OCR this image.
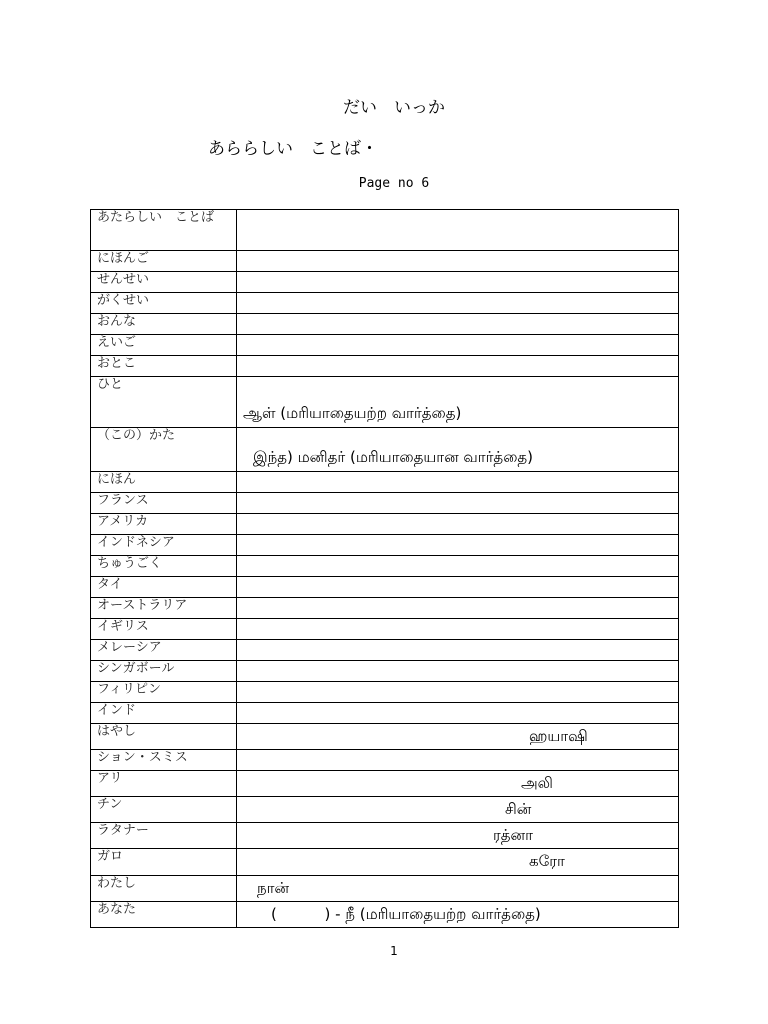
だい　いっか
あららしい　ことば・
Page no 6
あたらしい　ことば	
にほんご	
せんせい	
がくせい	
おんな	
えいご	
おとこ	
ひと	ஆள் (மரியாதையற்ற வார்த்தை)
（この）かた	இந்த) மனிதர் (மரியாதையான வார்த்தை)
にほん	
フランス	
アメリカ	
インドネシア	
ちゅうごく	
タイ	
オーストラリア	
イギリス	
メレーシア	
シンガボール	
フィリピン	
インド	
はやし	ஹயாஷி
ション・スミス	
アリ	அலி
チン	சின்
ラタナー	ரத்னா
ガロ	கரோ
わたし	நான்
あなた	(          ) - நீ (மரியாதையற்ற வார்த்தை)
1
